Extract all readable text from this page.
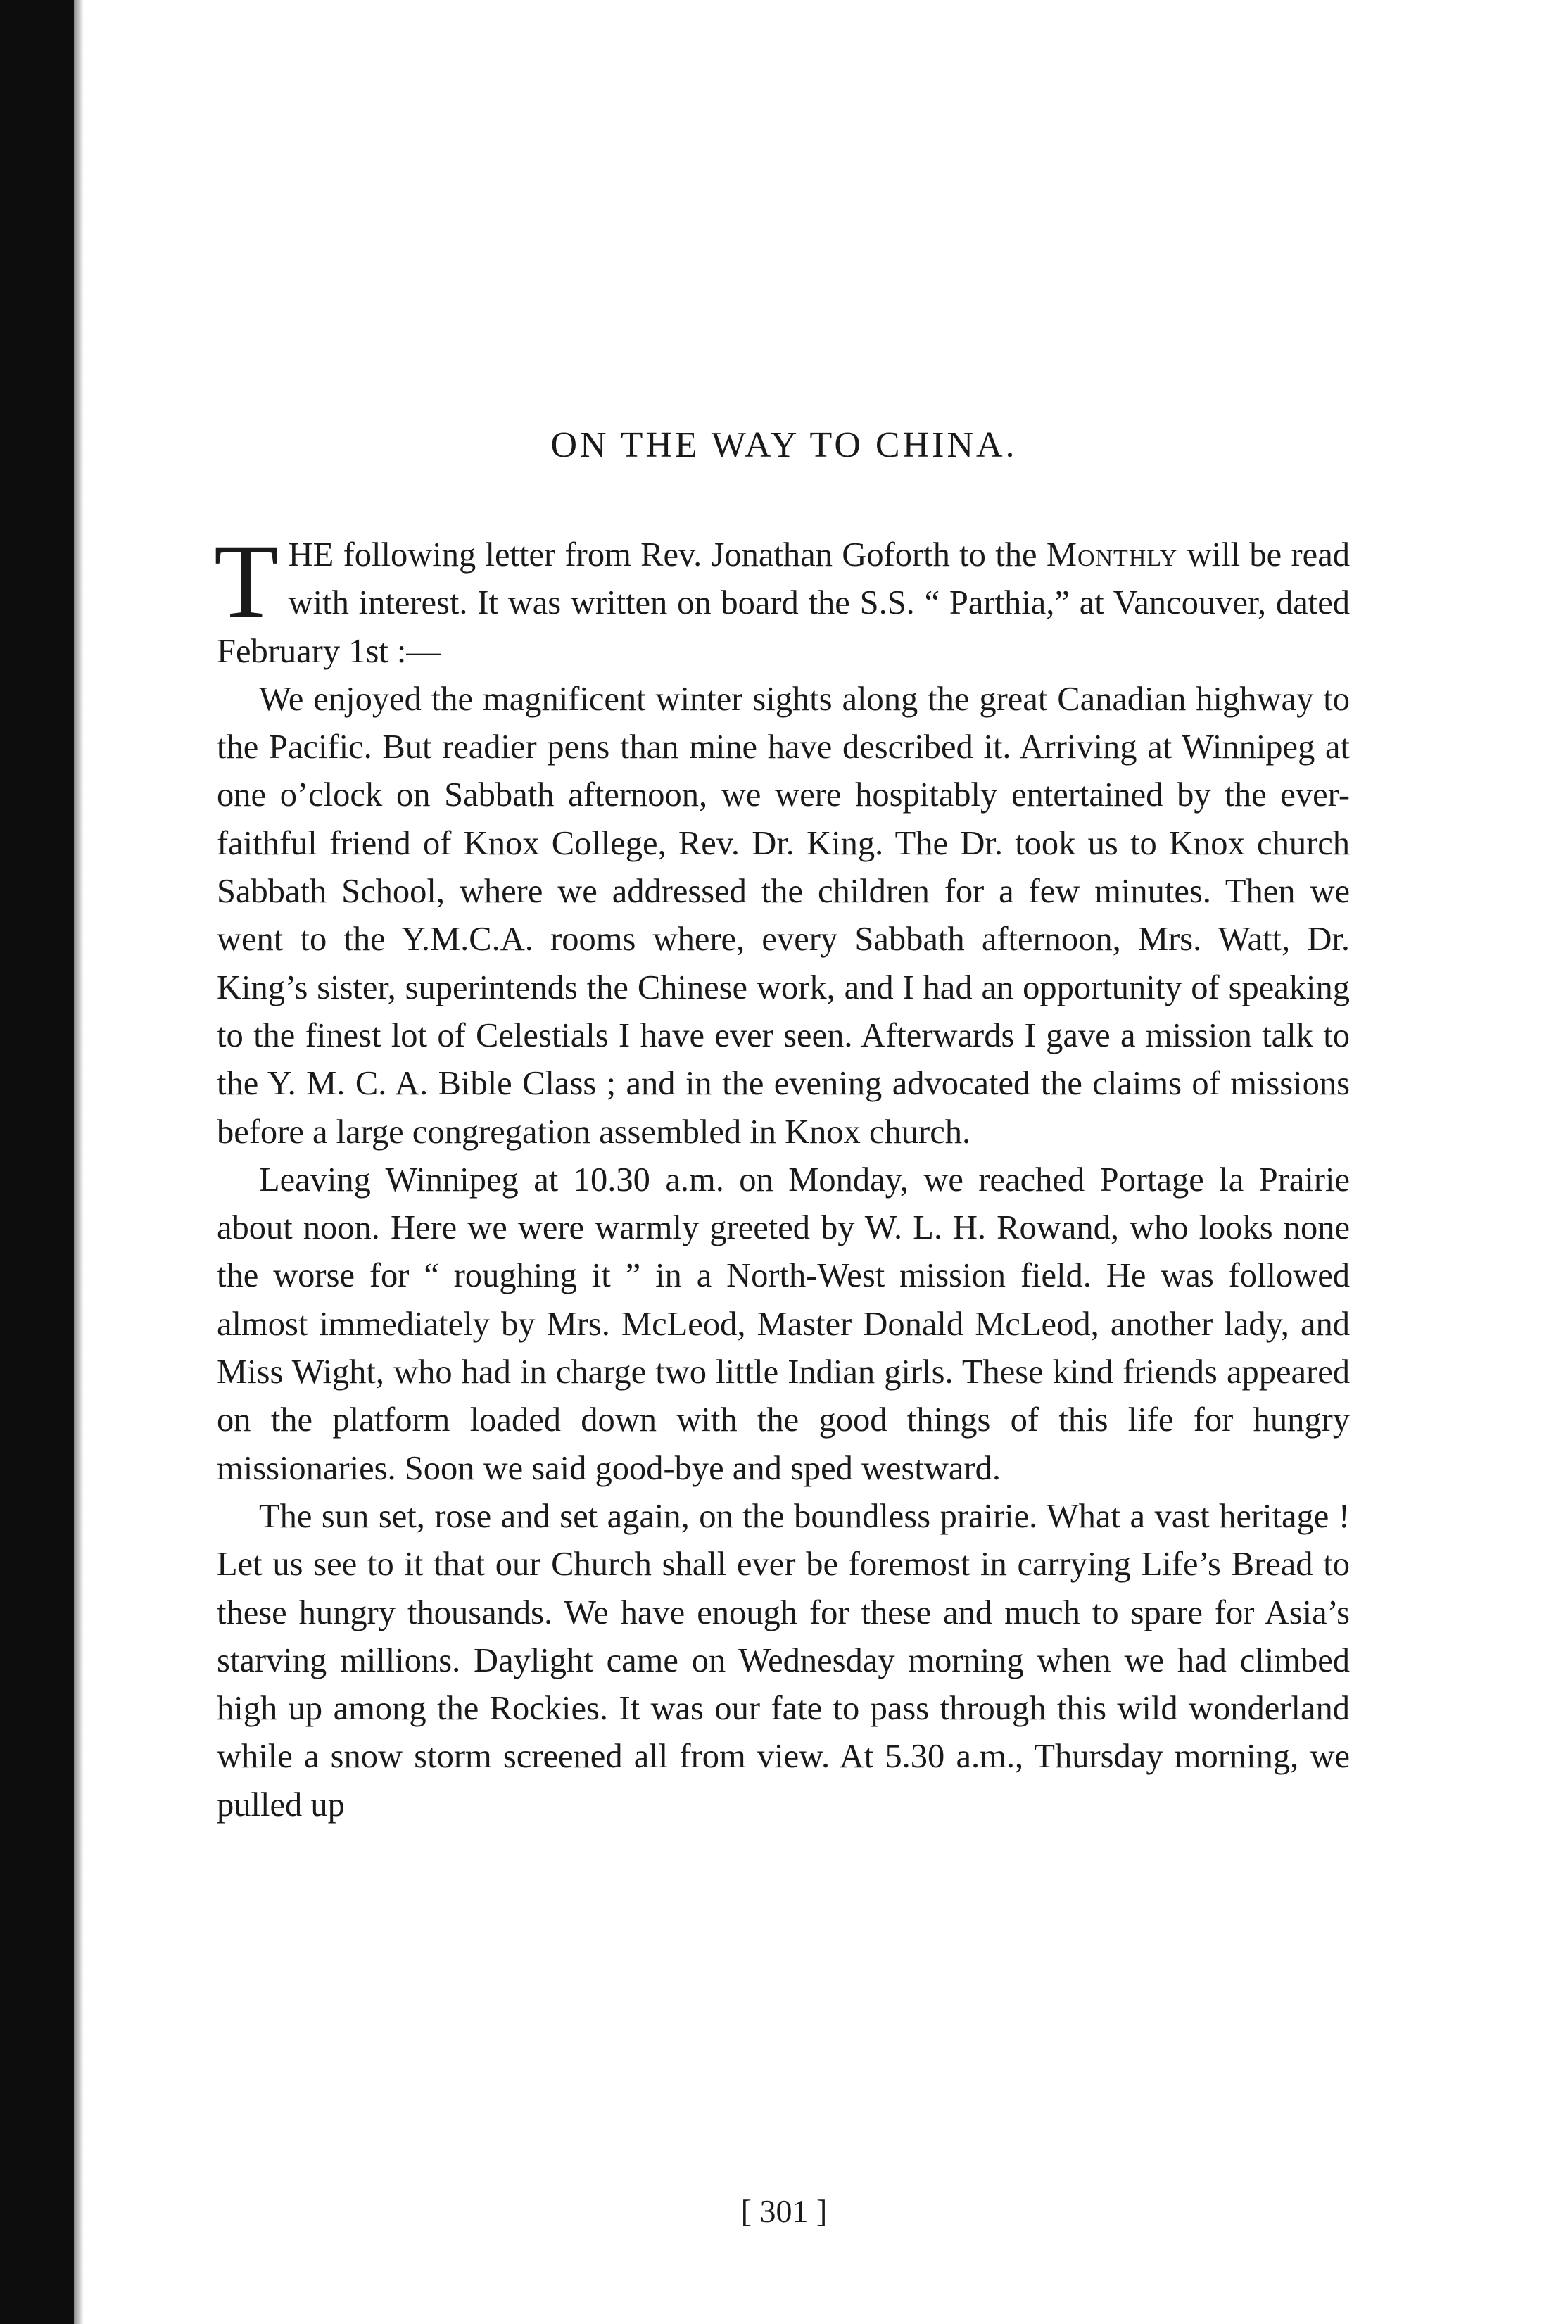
ON THE WAY TO CHINA.

THE following letter from Rev. Jonathan Goforth to the Monthly will be read with interest. It was written on board the S.S. “ Parthia,” at Vancouver, dated February 1st :—

We enjoyed the magnificent winter sights along the great Canadian highway to the Pacific. But readier pens than mine have described it. Arriving at Winnipeg at one o’clock on Sabbath afternoon, we were hospitably entertained by the ever-faithful friend of Knox College, Rev. Dr. King. The Dr. took us to Knox church Sabbath School, where we addressed the children for a few minutes. Then we went to the Y.M.C.A. rooms where, every Sabbath afternoon, Mrs. Watt, Dr. King’s sister, superintends the Chinese work, and I had an opportunity of speaking to the finest lot of Celestials I have ever seen. Afterwards I gave a mission talk to the Y. M. C. A. Bible Class ; and in the evening advocated the claims of missions before a large congregation assembled in Knox church.

Leaving Winnipeg at 10.30 a.m. on Monday, we reached Portage la Prairie about noon. Here we were warmly greeted by W. L. H. Rowand, who looks none the worse for “ roughing it ” in a North-West mission field. He was followed almost immediately by Mrs. McLeod, Master Donald McLeod, another lady, and Miss Wight, who had in charge two little Indian girls. These kind friends appeared on the platform loaded down with the good things of this life for hungry missionaries. Soon we said good-bye and sped westward.

The sun set, rose and set again, on the boundless prairie. What a vast heritage ! Let us see to it that our Church shall ever be foremost in carrying Life’s Bread to these hungry thousands. We have enough for these and much to spare for Asia’s starving millions. Daylight came on Wednesday morning when we had climbed high up among the Rockies. It was our fate to pass through this wild wonderland while a snow storm screened all from view. At 5.30 a.m., Thursday morning, we pulled up

[ 301 ]
